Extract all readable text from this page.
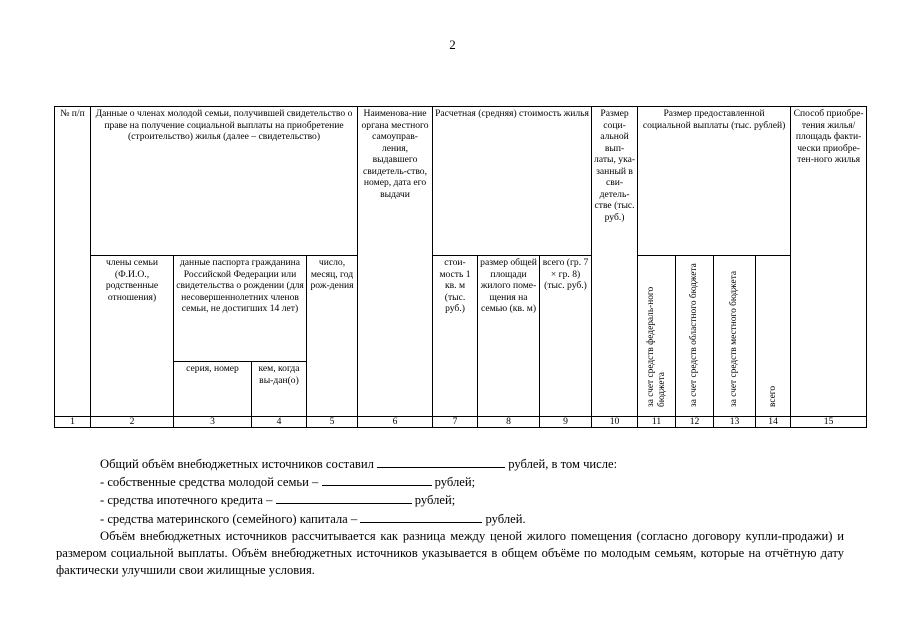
2
№ п/п	Данные о членах молодой семьи, получившей свидетельство о праве на получение социальной выплаты на приобретение (строительство) жилья (далее – свидетельство)				Наименова-ние органа местного самоуправ-ления, выдавшего свидетель-ство, номер, дата его выдачи	Расчетная (средняя) стоимость жилья			Размер соци-альной вып-латы, ука-занный в сви-детель-стве (тыс. руб.)	Размер предоставленной социальной выплаты (тыс. рублей)				Способ приобре-тения жилья/ площадь факти-чески приобре-тен-ного жилья
	члены семьи (Ф.И.О., родственные отношения)	данные паспорта гражданина Российской Федерации или свидетельства о рождении (для несовершеннолетних членов семьи, не достигших 14 лет)		число, месяц, год рож-дения		стои-мость 1 кв. м (тыс. руб.)	размер общей площади жилого поме-щения на семью (кв. м)	всего (гр. 7 × гр. 8) (тыс. руб.)		за счет средств федераль-ного бюджета	за счет средств областного бюджета	за счет средств местного бюджета	всего	
		серия, номер	кем, когда вы-дан(о)											
1	2	3	4	5	6	7	8	9	10	11	12	13	14	15

Общий объём внебюджетных источников составил	рублей, в том числе:

- собственные средства молодой семьи –	рублей;

- средства ипотечного кредита –	рублей;

- средства материнского (семейного) капитала –	рублей.

Объём внебюджетных источников рассчитывается как разница между ценой жилого помещения (согласно договору купли-продажи) и размером социальной выплаты. Объём внебюджетных источников указывается в общем объёме по молодым семьям, которые на отчётную дату фактически улучшили свои жилищные условия.
